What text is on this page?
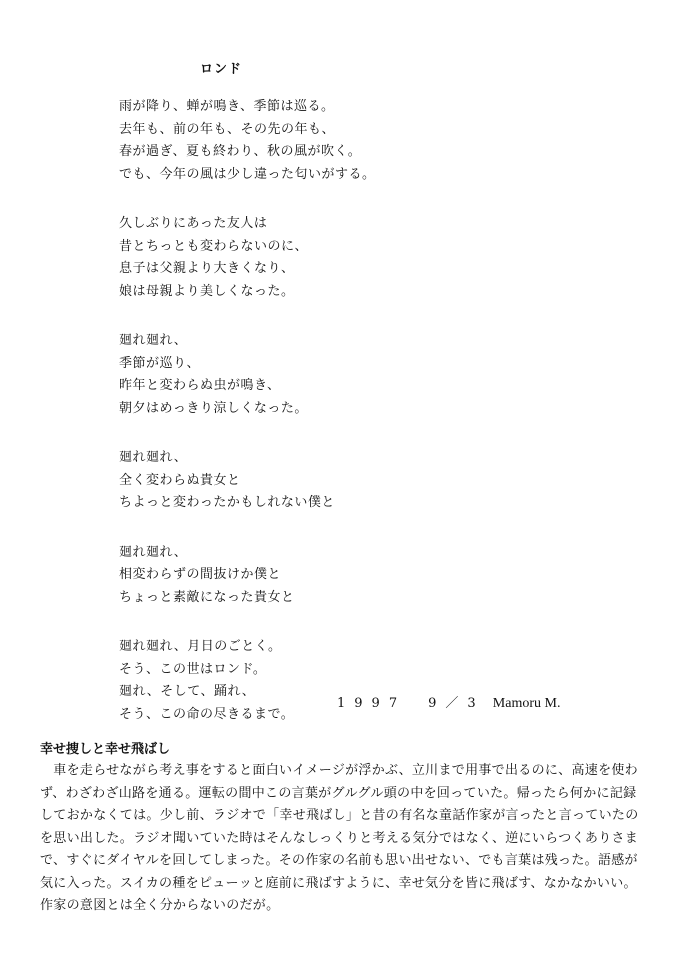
ロンド
雨が降り、蝉が鳴き、季節は巡る。
去年も、前の年も、その先の年も、
春が過ぎ、夏も終わり、秋の風が吹く。
でも、今年の風は少し違った匂いがする。
久しぶりにあった友人は
昔とちっとも変わらないのに、
息子は父親より大きくなり、
娘は母親より美しくなった。
廻れ廻れ、
季節が巡り、
昨年と変わらぬ虫が鳴き、
朝夕はめっきり涼しくなった。
廻れ廻れ、
全く変わらぬ貴女と
ちよっと変わったかもしれない僕と
廻れ廻れ、
相変わらずの間抜けか僕と
ちょっと素敵になった貴女と
廻れ廻れ、月日のごとく。
そう、この世はロンド。
廻れ、そして、踊れ、
そう、この命の尽きるまで。
1997　9／3 Mamoru M.
幸せ捜しと幸せ飛ばし
　車を走らせながら考え事をすると面白いイメージが浮かぶ、立川まで用事で出るのに、高速を使わ
ず、わざわざ山路を通る。運転の間中この言葉がグルグル頭の中を回っていた。帰ったら何かに記録
しておかなくては。少し前、ラジオで「幸せ飛ばし」と昔の有名な童話作家が言ったと言っていたの
を思い出した。ラジオ聞いていた時はそんなしっくりと考える気分ではなく、逆にいらつくありさま
で、すぐにダイヤルを回してしまった。その作家の名前も思い出せない、でも言葉は残った。語感が
気に入った。スイカの種をピューッと庭前に飛ばすように、幸せ気分を皆に飛ばす、なかなかいい。
作家の意図とは全く分からないのだが。
